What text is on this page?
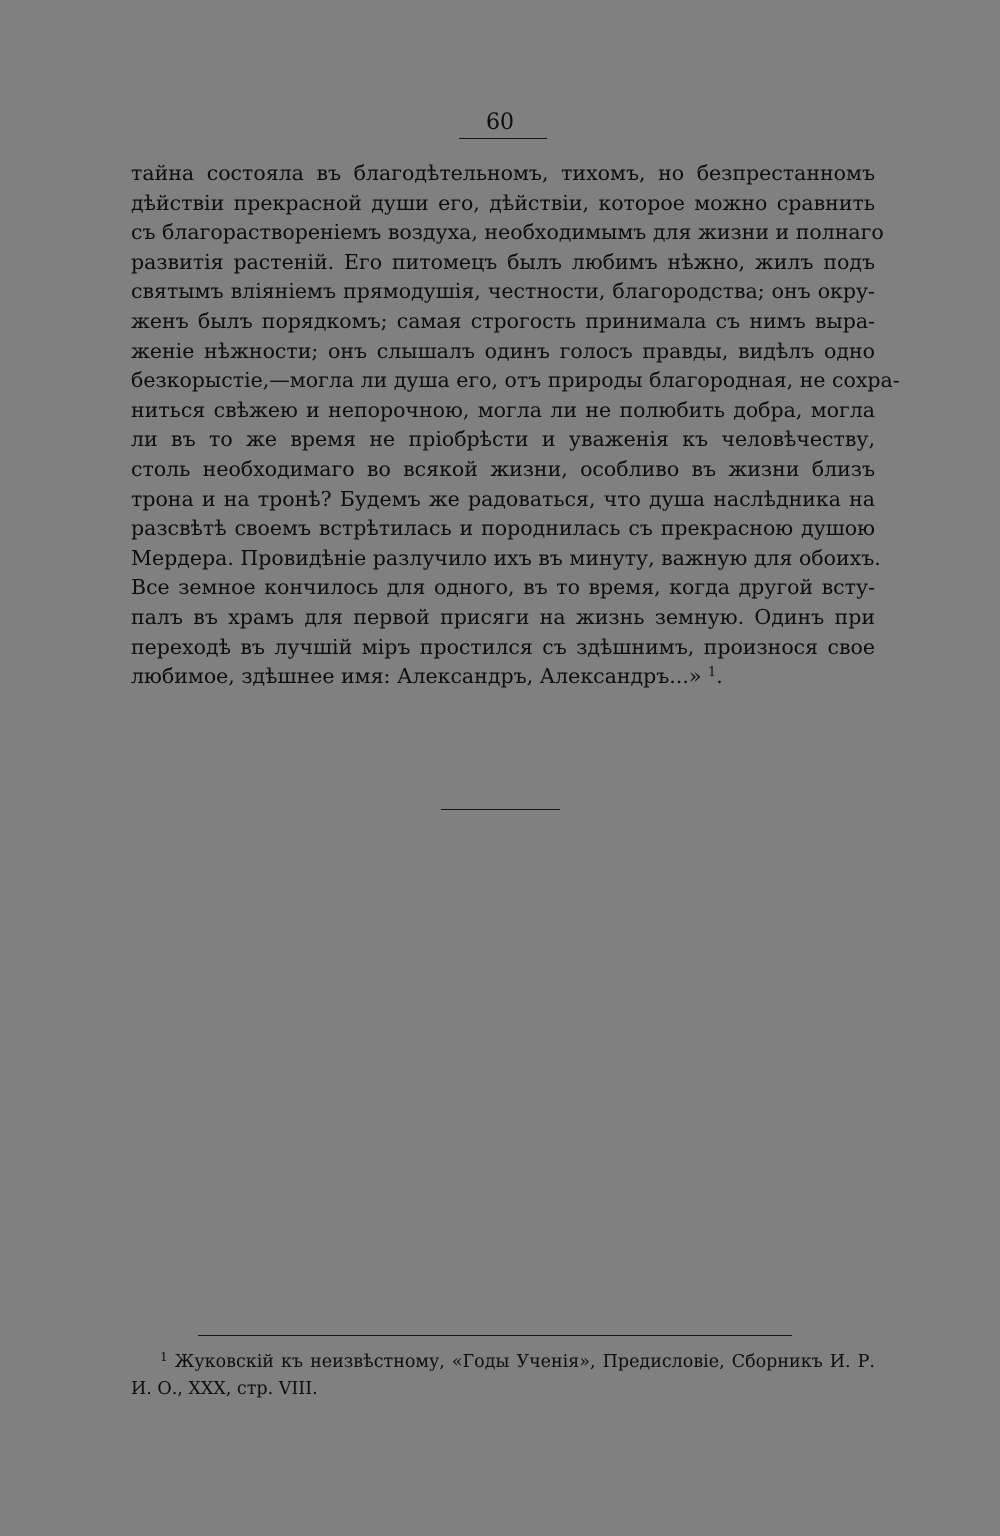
60
тайна состояла въ благодѣтельномъ, тихомъ, но безпрестанномъ
дѣйствіи прекрасной души его, дѣйствіи, которое можно сравнить
съ благораствореніемъ воздуха, необходимымъ для жизни и полнаго
развитія растеній. Его питомецъ былъ любимъ нѣжно, жилъ подъ
святымъ вліяніемъ прямодушія, честности, благородства; онъ окру-
женъ былъ порядкомъ; самая строгость принимала съ нимъ выра-
женіе нѣжности; онъ слышалъ одинъ голосъ правды, видѣлъ одно
безкорыстіе,—могла ли душа его, отъ природы благородная, не сохра-
ниться свѣжею и непорочною, могла ли не полюбить добра, могла
ли въ то же время не пріобрѣсти и уваженія къ человѣчеству,
столь необходимаго во всякой жизни, особливо въ жизни близъ
трона и на тронѣ? Будемъ же радоваться, что душа наслѣдника на
разсвѣтѣ своемъ встрѣтилась и породнилась съ прекрасною душою
Мердера. Провидѣніе разлучило ихъ въ минуту, важную для обоихъ.
Все земное кончилось для одного, въ то время, когда другой всту-
палъ въ храмъ для первой присяги на жизнь земную. Одинъ при
переходѣ въ лучшій міръ простился съ здѣшнимъ, произнося свое
любимое, здѣшнее имя: Александръ, Александръ...» $^1$.
$^1$ Жуковскій къ неизвѣстному, «Годы Ученія», Предисловіе, Сборникъ И. Р.
И. О., XXX, стр. VIII.
